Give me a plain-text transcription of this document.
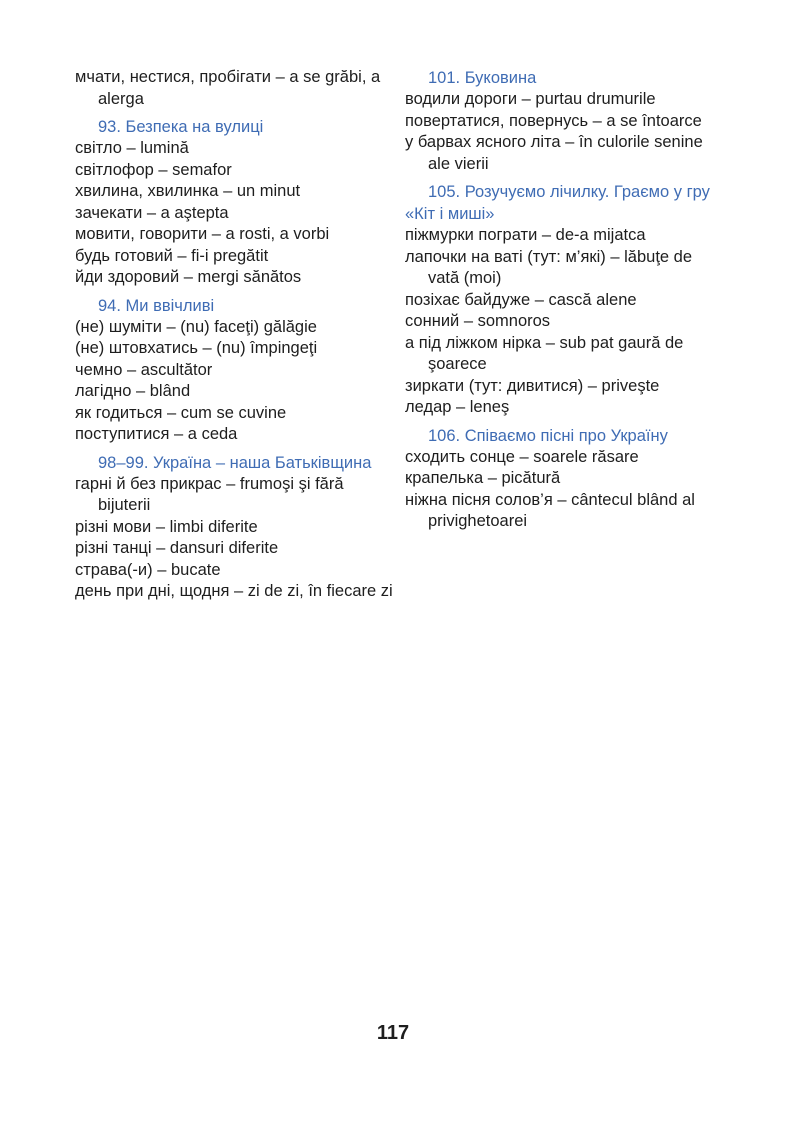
мчати, нестися, пробігати – a se grăbi, a alerga
93. Безпека на вулиці
світло – lumină
світлофор – semafor
хвилина, хвилинка – un minut
зачекати – a aştepta
мовити, говорити – a rosti, a vorbi
будь готовий – fi-i pregătit
йди здоровий – mergi sănătos
94. Ми ввічливі
(не) шуміти – (nu) faceţi) gălăgie
(не) штовхатись – (nu) împingeţi
чемно – ascultător
лагідно – blând
як годиться – cum se cuvine
поступитися – a ceda
98–99. Україна – наша Батьківщина
гарні й без прикрас – frumoşi şi fără bijuterii
різні мови – limbi diferite
різні танці – dansuri diferite
страва(-и) – bucate
день при дні, щодня – zi de zi, în fiecare zi
101. Буковина
водили дороги – purtau drumurile
повертатися, повернусь – a se întoarce
у барвах ясного літа – în culorile senine ale vierii
105. Розучуємо лічилку. Граємо у гру «Кіт і миші»
піжмурки пограти – de-a mijatca
лапочки на ваті (тут: м’які) – lăbuţe de vată (moi)
позіхає байдуже – cască alene
сонний – somnoros
а під ліжком нірка – sub pat gaură de şoarece
зиркати (тут: дивитися) – priveşte
ледар – leneş
106. Співаємо пісні про Україну
сходить сонце – soarele răsare
крапелька – picătură
ніжна пісня солов’я – cântecul blând al privighetoarei
117
